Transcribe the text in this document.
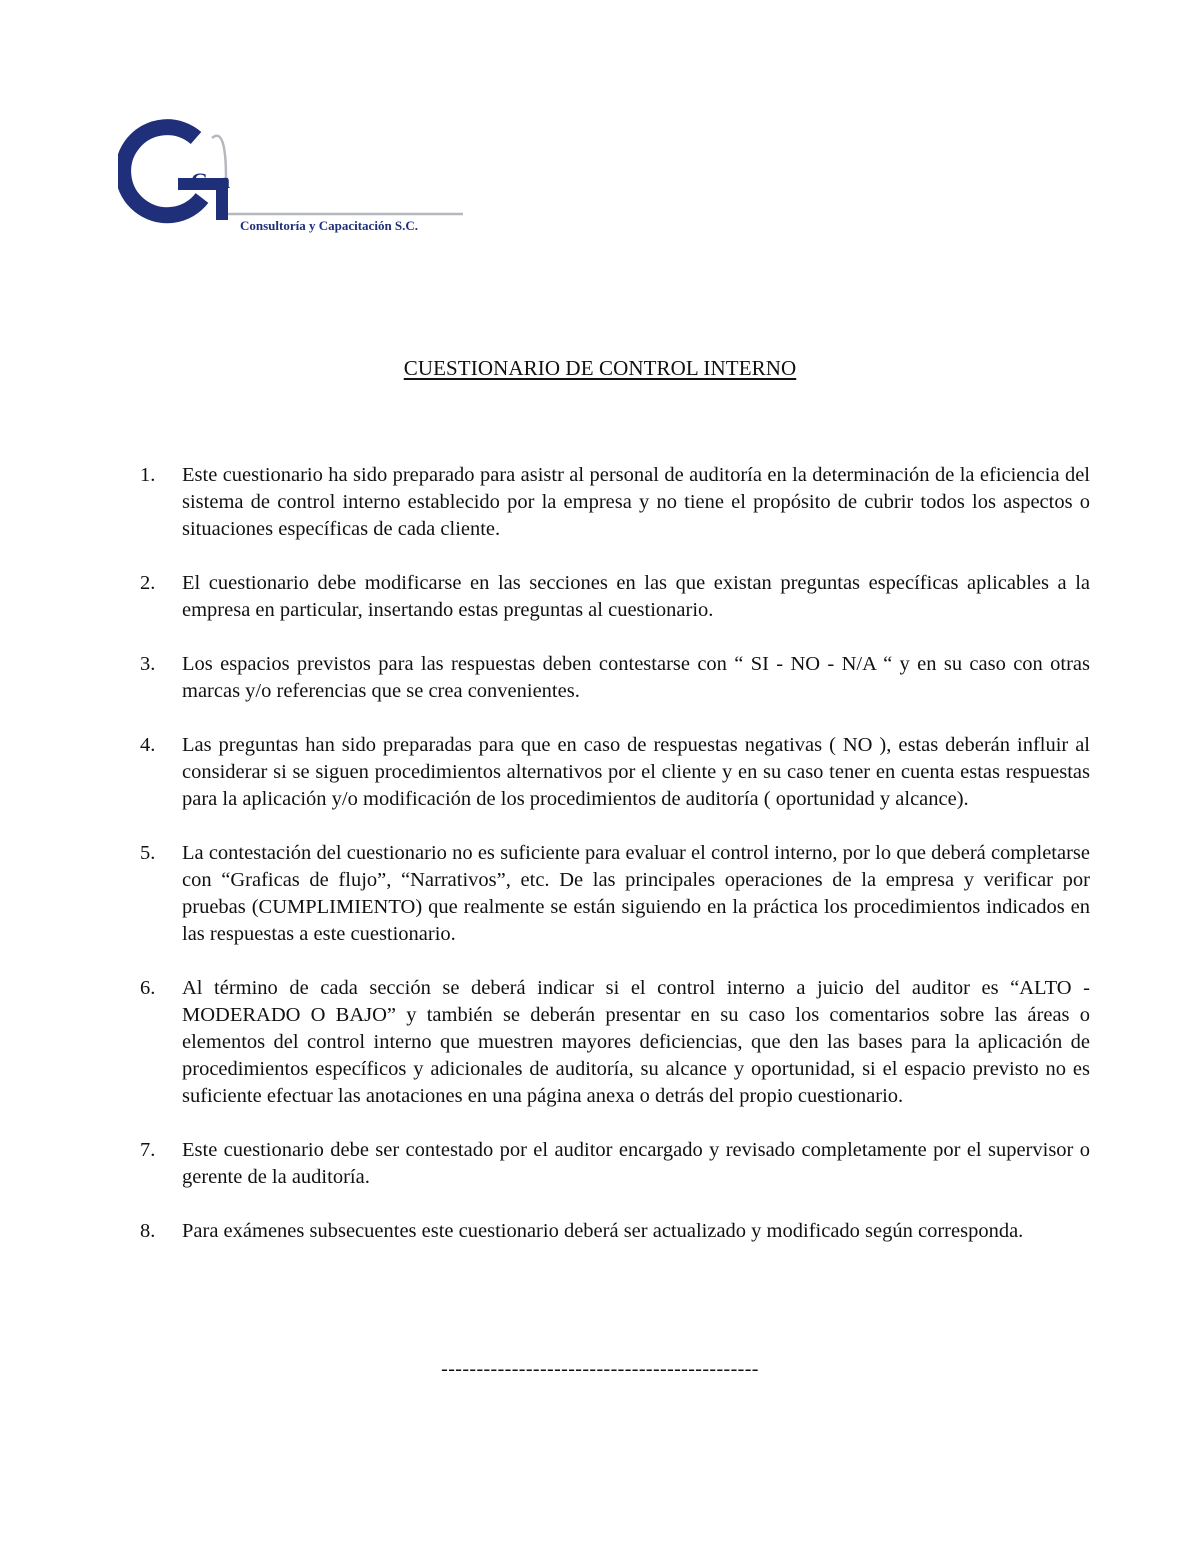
Gva
Consultoría y Capacitación S.C.
CUESTIONARIO DE CONTROL INTERNO
1.	Este cuestionario ha sido preparado para asistr al personal de auditoría en la determinación de la eficiencia del sistema de control interno establecido por la empresa y no tiene el propósito de cubrir todos los aspectos o situaciones específicas de cada cliente.
2.	El cuestionario debe modificarse en las secciones en las que existan preguntas específicas aplicables a la empresa en particular, insertando estas preguntas al cuestionario.
3.	Los espacios previstos para las respuestas deben contestarse con “ SI - NO - N/A “ y en su caso con otras marcas y/o referencias que se crea convenientes.
4.	Las preguntas han sido preparadas para que en caso de respuestas negativas ( NO ), estas deberán influir al considerar si se siguen procedimientos alternativos por el cliente y en su caso tener en cuenta estas respuestas para la aplicación y/o modificación de los procedimientos de auditoría ( oportunidad y alcance).
5.	La contestación del cuestionario no es suficiente para evaluar el control interno, por lo que deberá completarse con “Graficas de flujo”, “Narrativos”, etc. De las principales operaciones de la empresa y verificar por pruebas (CUMPLIMIENTO) que realmente se están siguiendo en la práctica los procedimientos indicados en las respuestas a este cuestionario.
6.	Al término de cada sección se deberá indicar si el control interno a juicio del auditor es “ALTO - MODERADO O BAJO” y también se deberán presentar en su caso los comentarios sobre las áreas o elementos del control interno que muestren mayores deficiencias, que den las bases para la aplicación de procedimientos específicos y adicionales de auditoría, su alcance y oportunidad, si el espacio previsto no es suficiente efectuar las anotaciones en una página anexa o detrás del propio cuestionario.
7.	Este cuestionario debe ser contestado por el auditor encargado y revisado completamente por el supervisor o gerente de la auditoría.
8.	Para exámenes subsecuentes este cuestionario deberá ser actualizado y modificado según corresponda.
---------------------------------------------
